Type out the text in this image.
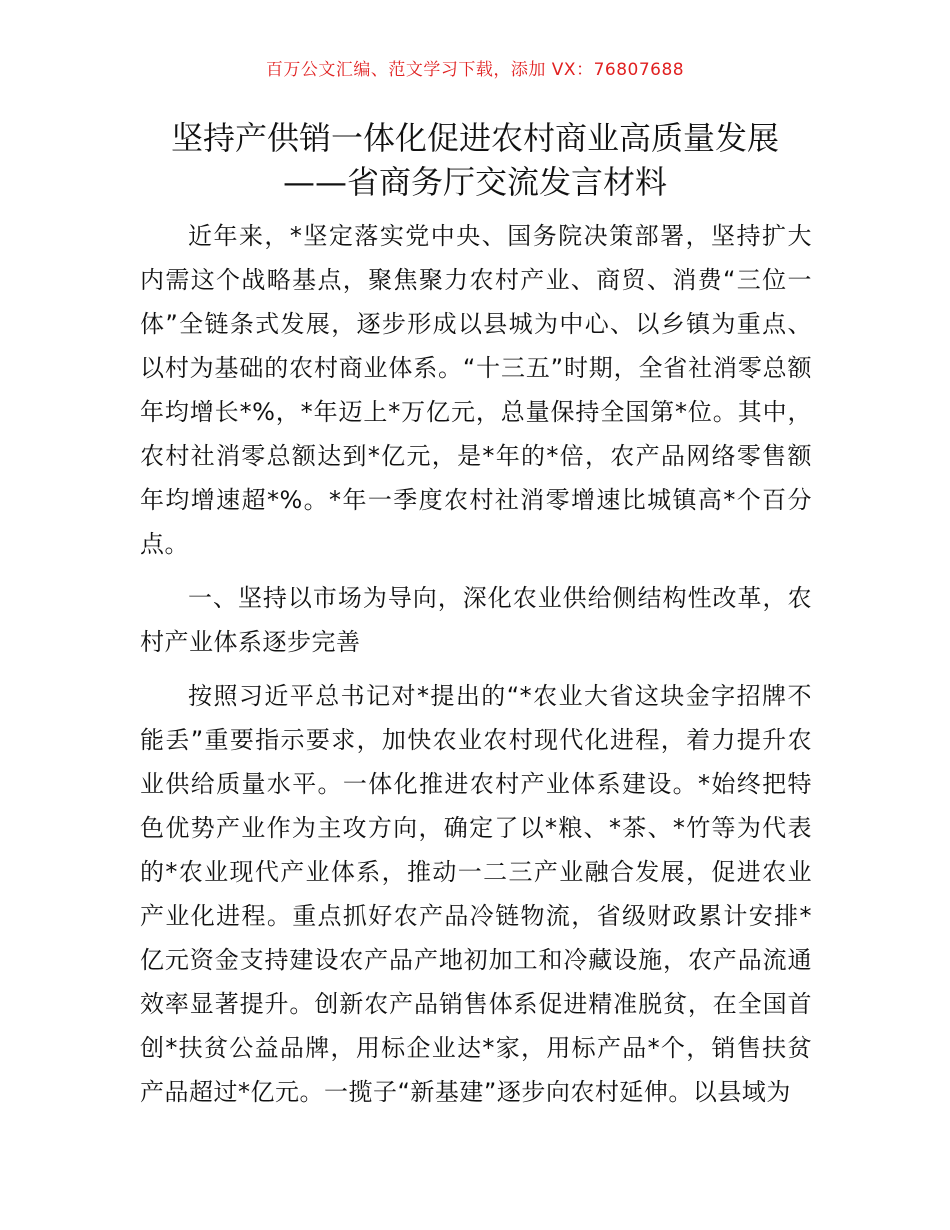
百万公文汇编、范文学习下载，添加 VX：76807688
坚持产供销一体化促进农村商业高质量发展
——省商务厅交流发言材料

近年来，*坚定落实党中央、国务院决策部署，坚持扩大内需这个战略基点，聚焦聚力农村产业、商贸、消费“三位一体”全链条式发展，逐步形成以县城为中心、以乡镇为重点、以村为基础的农村商业体系。“十三五”时期，全省社消零总额年均增长*%，*年迈上*万亿元，总量保持全国第*位。其中，农村社消零总额达到*亿元，是*年的*倍，农产品网络零售额年均增速超*%。*年一季度农村社消零增速比城镇高*个百分点。

一、坚持以市场为导向，深化农业供给侧结构性改革，农村产业体系逐步完善

按照习近平总书记对*提出的“*农业大省这块金字招牌不能丢”重要指示要求，加快农业农村现代化进程，着力提升农业供给质量水平。一体化推进农村产业体系建设。*始终把特色优势产业作为主攻方向，确定了以*粮、*茶、*竹等为代表的*农业现代产业体系，推动一二三产业融合发展，促进农业产业化进程。重点抓好农产品冷链物流，省级财政累计安排*亿元资金支持建设农产品产地初加工和冷藏设施，农产品流通效率显著提升。创新农产品销售体系促进精准脱贫，在全国首创*扶贫公益品牌，用标企业达*家，用标产品*个，销售扶贫产品超过*亿元。一揽子“新基建”逐步向农村延伸。以县域为
